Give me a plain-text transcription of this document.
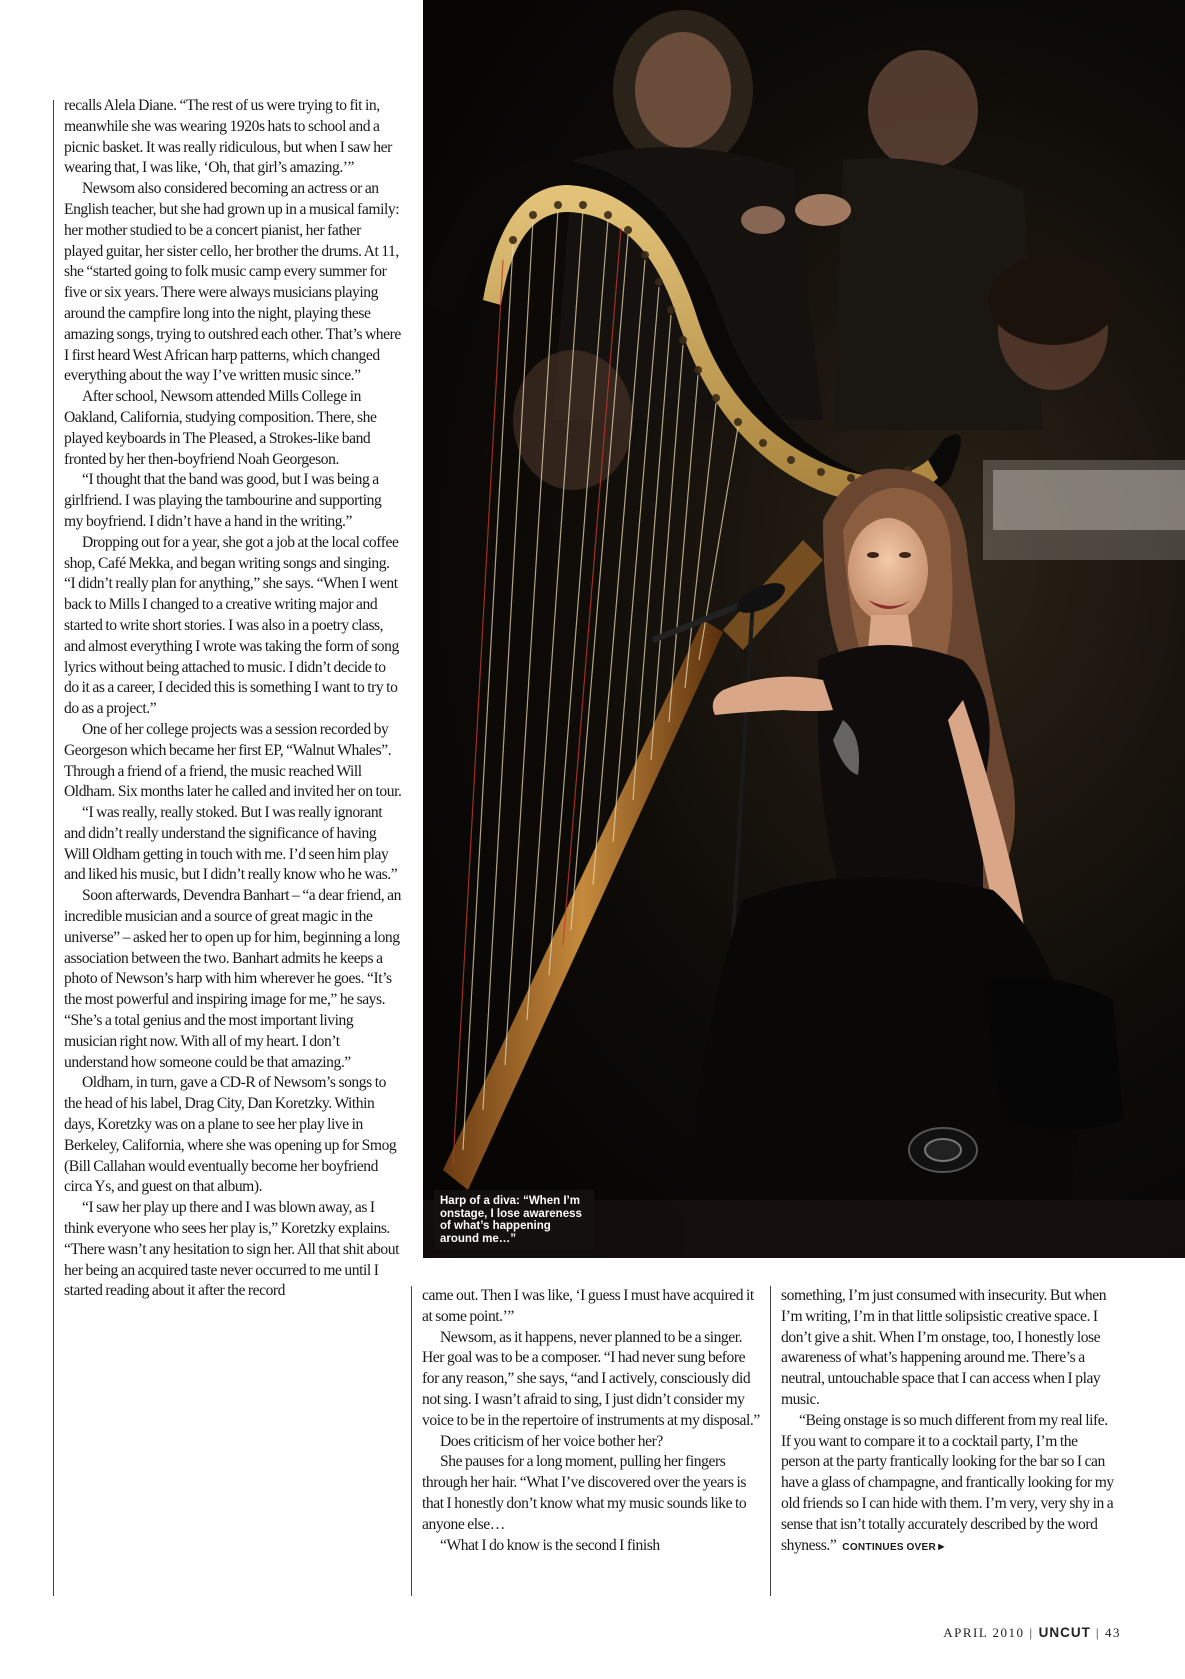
recalls Alela Diane. “The rest of us were trying to fit in, meanwhile she was wearing 1920s hats to school and a picnic basket. It was really ridiculous, but when I saw her wearing that, I was like, ‘Oh, that girl’s amazing.’”

Newsom also considered becoming an actress or an English teacher, but she had grown up in a musical family: her mother studied to be a concert pianist, her father played guitar, her sister cello, her brother the drums. At 11, she “started going to folk music camp every summer for five or six years. There were always musicians playing around the campfire long into the night, playing these amazing songs, trying to outshred each other. That’s where I first heard West African harp patterns, which changed everything about the way I’ve written music since.”

After school, Newsom attended Mills College in Oakland, California, studying composition. There, she played keyboards in The Pleased, a Strokes-like band fronted by her then-boyfriend Noah Georgeson.

“I thought that the band was good, but I was being a girlfriend. I was playing the tambourine and supporting my boyfriend. I didn’t have a hand in the writing.”

Dropping out for a year, she got a job at the local coffee shop, Café Mekka, and began writing songs and singing. “I didn’t really plan for anything,” she says. “When I went back to Mills I changed to a creative writing major and started to write short stories. I was also in a poetry class, and almost everything I wrote was taking the form of song lyrics without being attached to music. I didn’t decide to do it as a career, I decided this is something I want to try to do as a project.”

One of her college projects was a session recorded by Georgeson which became her first EP, “Walnut Whales”. Through a friend of a friend, the music reached Will Oldham. Six months later he called and invited her on tour.

“I was really, really stoked. But I was really ignorant and didn’t really understand the significance of having Will Oldham getting in touch with me. I’d seen him play and liked his music, but I didn’t really know who he was.”

Soon afterwards, Devendra Banhart – “a dear friend, an incredible musician and a source of great magic in the universe” – asked her to open up for him, beginning a long association between the two. Banhart admits he keeps a photo of Newson’s harp with him wherever he goes. “It’s the most powerful and inspiring image for me,” he says. “She’s a total genius and the most important living musician right now. With all of my heart. I don’t understand how someone could be that amazing.”

Oldham, in turn, gave a CD-R of Newsom’s songs to the head of his label, Drag City, Dan Koretzky. Within days, Koretzky was on a plane to see her play live in Berkeley, California, where she was opening up for Smog (Bill Callahan would eventually become her boyfriend circa Ys, and guest on that album).

“I saw her play up there and I was blown away, as I think everyone who sees her play is,” Koretzky explains. “There wasn’t any hesitation to sign her. All that shit about her being an acquired taste never occurred to me until I started reading about it after the record

Harp of a diva: “When I’m onstage, I lose awareness of what’s happening around me…”

came out. Then I was like, ‘I guess I must have acquired it at some point.’”

Newsom, as it happens, never planned to be a singer. Her goal was to be a composer. “I had never sung before for any reason,” she says, “and I actively, consciously did not sing. I wasn’t afraid to sing, I just didn’t consider my voice to be in the repertoire of instruments at my disposal.”

Does criticism of her voice bother her?

She pauses for a long moment, pulling her fingers through her hair. “What I’ve discovered over the years is that I honestly don’t know what my music sounds like to anyone else…

“What I do know is the second I finish

something, I’m just consumed with insecurity. But when I’m writing, I’m in that little solipsistic creative space. I don’t give a shit. When I’m onstage, too, I honestly lose awareness of what’s happening around me. There’s a neutral, untouchable space that I can access when I play music.

“Being onstage is so much different from my real life. If you want to compare it to a cocktail party, I’m the person at the party frantically looking for the bar so I can have a glass of champagne, and frantically looking for my old friends so I can hide with them. I’m very, very shy in a sense that isn’t totally accurately described by the word shyness.” CONTINUES OVER►

APRIL 2010 | UNCUT | 43
